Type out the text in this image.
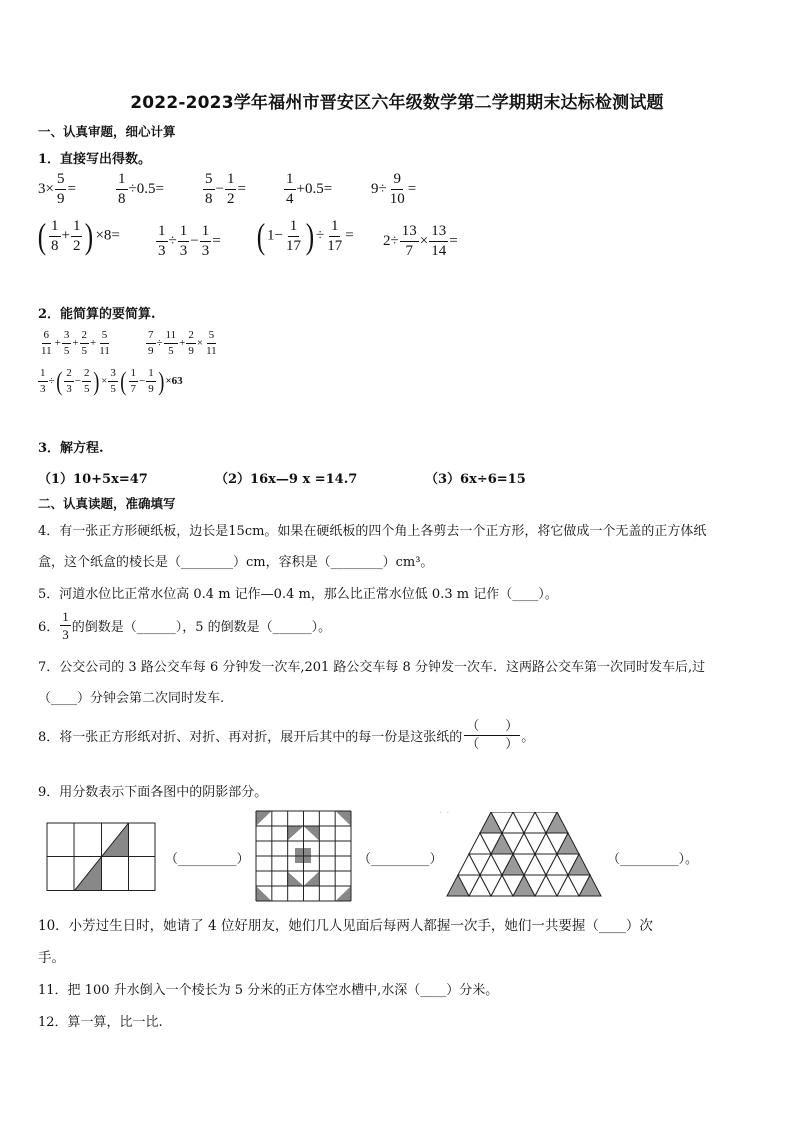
2022-2023学年福州市晋安区六年级数学第二学期期末达标检测试题
一、认真审题，细心计算
1．直接写出得数。
$3\times \frac{5}{9}$ =	$\frac{1}{8} \div 0.5=$	$\frac{5}{8} - \frac{1}{2}$ =	$\frac{1}{4} +0.5=$	$9\div \frac{9}{10}$ =
( $\frac{1}{8} + \frac{1}{2}$ ) $\times 8= \frac{1}{3} \div \frac{1}{3} - \frac{1}{3}$ = ( $1- \frac{1}{17}$ ) ÷ $\frac{1}{17} = 2\div \frac{13}{7} \times \frac{13}{14}$ =
2．能简算的要简算.
$\frac{6}{11} + \frac{3}{5} + \frac{2}{5} + \frac{5}{11}$	$\frac{7}{9} \div \frac{11}{5} + \frac{2}{9} \times \frac{5}{11}$
$\frac{1}{3}$ ÷( $\frac{2}{3} - \frac{2}{5}$ )× $\frac{3}{5}$ ( $\frac{1}{7} - \frac{1}{9} )\times 63$
3．解方程.
（1）10+5x=47	（2）16x—9 x =14.7	（3）6x÷6=15
二、认真读题，准确填写
4．有一张正方形硬纸板，边长是15cm。如果在硬纸板的四个角上各剪去一个正方形，将它做成一个无盖的正方体纸
盒，这个纸盒的棱长是（________）cm，容积是（________）cm³。
5．河道水位比正常水位高 0.4 m 记作—0.4 m，那么比正常水位低 0.3 m 记作（____）。
6． $\frac{1}{3}$ 的倒数是（______），5 的倒数是（______）。
7．公交公司的 3 路公交车每 6 分钟发一次车,201 路公交车每 8 分钟发一次车．这两路公交车第一次同时发车后,过
（____）分钟会第二次同时发车.
8．将一张正方形纸对折、对折、再对折，展开后其中的每一份是这张纸的 $\frac{( )}{( )}$ 。
9．用分数表示下面各图中的阴影部分。
（_________）	（_________）
· ·
（_________）。
10．小芳过生日时，她请了 4 位好朋友，她们几人见面后每两人都握一次手，她们一共要握（____）次
手。
11．把 100 升水倒入一个棱长为 5 分米的正方体空水槽中,水深（____）分米。
12．算一算，比一比.
